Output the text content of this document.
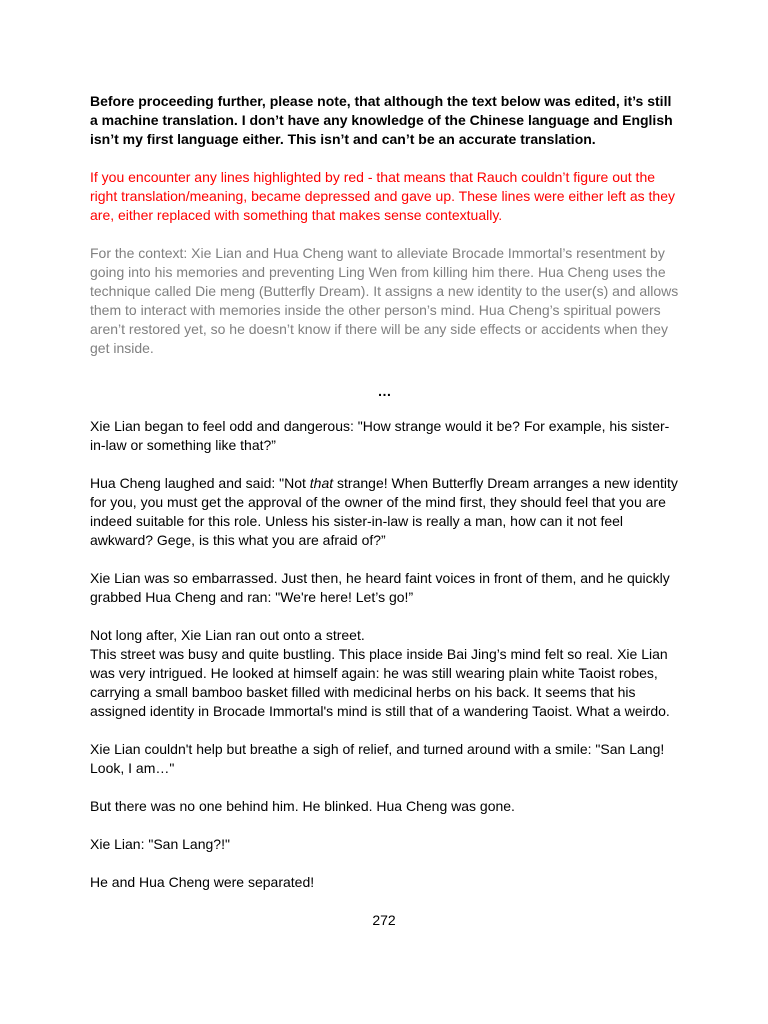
Before proceeding further, please note, that although the text below was edited, it’s still a machine translation. I don’t have any knowledge of the Chinese language and English isn’t my first language either. This isn’t and can’t be an accurate translation.

If you encounter any lines highlighted by red - that means that Rauch couldn’t figure out the right translation/meaning, became depressed and gave up. These lines were either left as they are, either replaced with something that makes sense contextually.

For the context: Xie Lian and Hua Cheng want to alleviate Brocade Immortal’s resentment by going into his memories and preventing Ling Wen from killing him there. Hua Cheng uses the technique called Die meng (Butterfly Dream). It assigns a new identity to the user(s) and allows them to interact with memories inside the other person’s mind. Hua Cheng’s spiritual powers aren’t restored yet, so he doesn’t know if there will be any side effects or accidents when they get inside.

…

Xie Lian began to feel odd and dangerous: "How strange would it be? For example, his sister-in-law or something like that?”

Hua Cheng laughed and said: "Not that strange! When Butterfly Dream arranges a new identity for you, you must get the approval of the owner of the mind first, they should feel that you are indeed suitable for this role. Unless his sister-in-law is really a man, how can it not feel awkward? Gege, is this what you are afraid of?”

Xie Lian was so embarrassed. Just then, he heard faint voices in front of them, and he quickly grabbed Hua Cheng and ran: "We're here! Let’s go!”

Not long after, Xie Lian ran out onto a street.

This street was busy and quite bustling. This place inside Bai Jing’s mind felt so real. Xie Lian was very intrigued. He looked at himself again: he was still wearing plain white Taoist robes, carrying a small bamboo basket filled with medicinal herbs on his back. It seems that his assigned identity in Brocade Immortal's mind is still that of a wandering Taoist. What a weirdo.

Xie Lian couldn't help but breathe a sigh of relief, and turned around with a smile: "San Lang! Look, I am…"

But there was no one behind him. He blinked. Hua Cheng was gone.

Xie Lian: "San Lang?!"

He and Hua Cheng were separated!

272
